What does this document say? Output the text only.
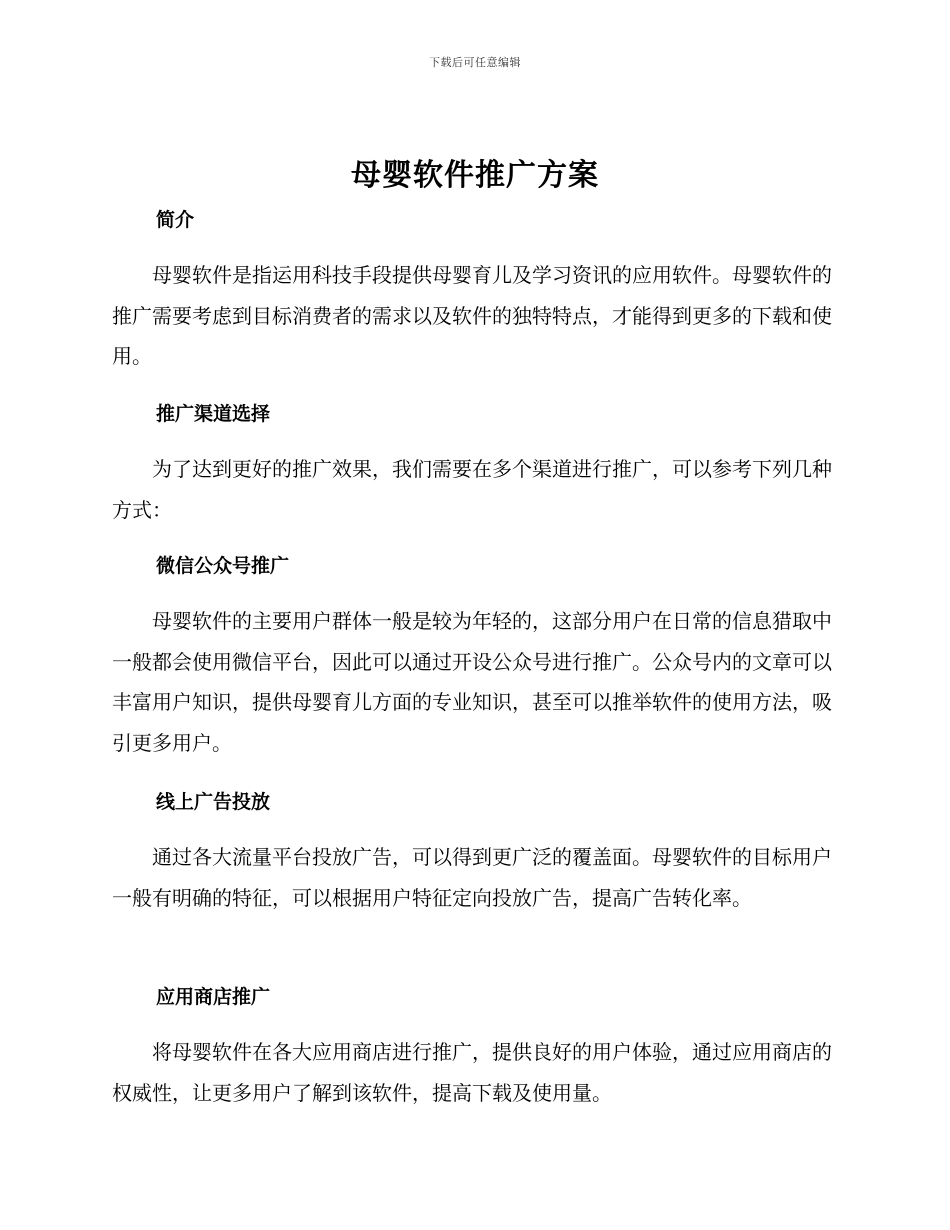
下载后可任意编辑
母婴软件推广方案
简介

母婴软件是指运用科技手段提供母婴育儿及学习资讯的应用软件。母婴软件的推广需要考虑到目标消费者的需求以及软件的独特特点，才能得到更多的下载和使用。

推广渠道选择

为了达到更好的推广效果，我们需要在多个渠道进行推广，可以参考下列几种方式：

微信公众号推广

母婴软件的主要用户群体一般是较为年轻的，这部分用户在日常的信息猎取中一般都会使用微信平台，因此可以通过开设公众号进行推广。公众号内的文章可以丰富用户知识，提供母婴育儿方面的专业知识，甚至可以推举软件的使用方法，吸引更多用户。

线上广告投放

通过各大流量平台投放广告，可以得到更广泛的覆盖面。母婴软件的目标用户一般有明确的特征，可以根据用户特征定向投放广告，提高广告转化率。

应用商店推广

将母婴软件在各大应用商店进行推广，提供良好的用户体验，通过应用商店的权威性，让更多用户了解到该软件，提高下载及使用量。
